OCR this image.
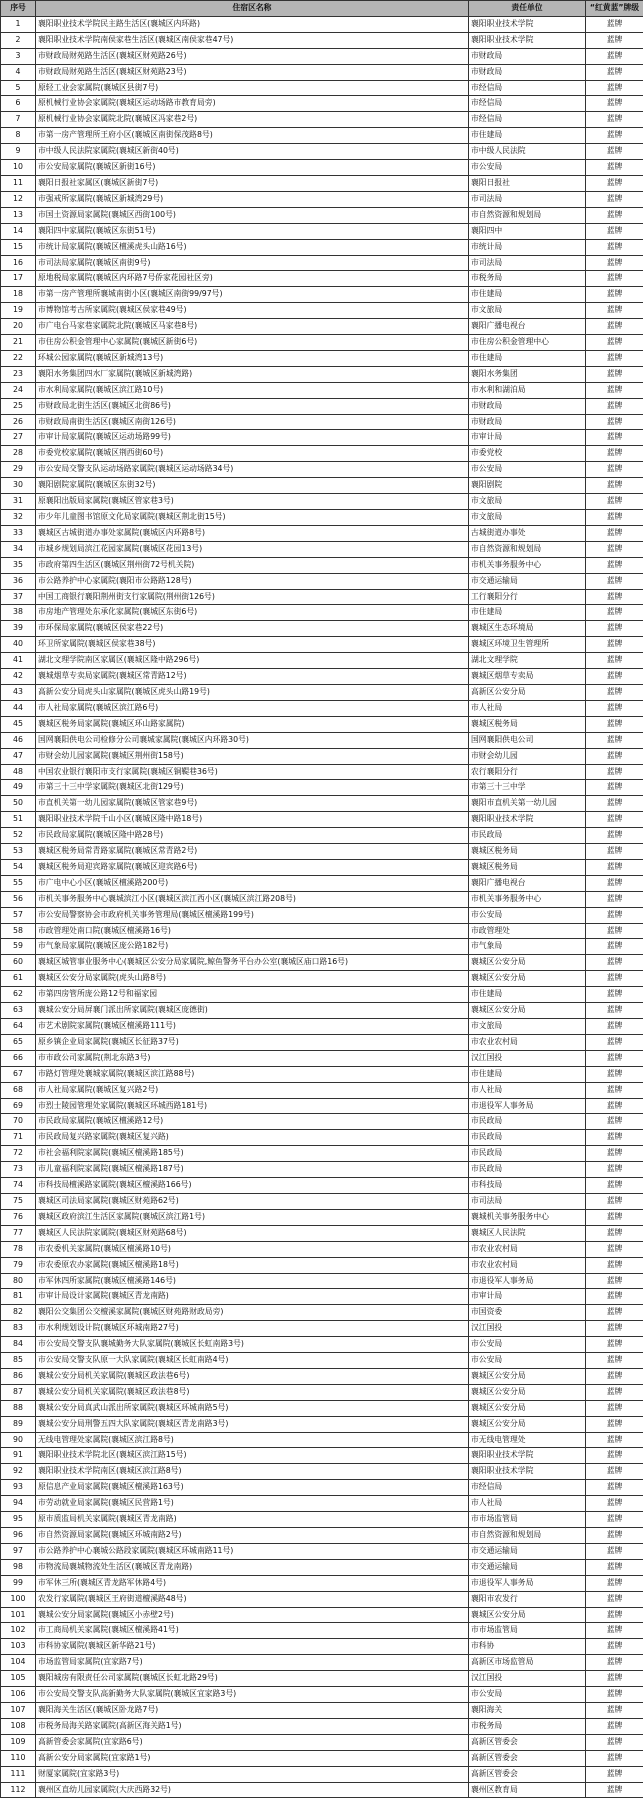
序号	住宿区名称	责任单位	“红黄蓝”牌级
1	襄阳职业技术学院民主路生活区(襄城区内环路)	襄阳职业技术学院	蓝牌
2	襄阳职业技术学院南侯家巷生活区(襄城区南侯家巷47号)	襄阳职业技术学院	蓝牌
3	市财政局财苑路生活区(襄城区财苑路26号)	市财政局	蓝牌
4	市财政局财苑路生活区(襄城区财苑路23号)	市财政局	蓝牌
5	原轻工业会家属院(襄城区县街7号)	市经信局	蓝牌
6	原机械行业协会家属院(襄城区运动场路市教育局旁)	市经信局	蓝牌
7	原机械行业协会家属院北院(襄城区冯家巷2号)	市经信局	蓝牌
8	市第一房产管理所王府小区(襄城区南街保茂路8号)	市住建局	蓝牌
9	市中级人民法院家属院(襄城区新街40号)	市中级人民法院	蓝牌
10	市公安局家属院(襄城区新街16号)	市公安局	蓝牌
11	襄阳日报社家属区(襄城区新街7号)	襄阳日报社	蓝牌
12	市强戒所家属院(襄城区新城湾29号)	市司法局	蓝牌
13	市国土资源局家属院(襄城区西街100号)	市自然资源和规划局	蓝牌
14	襄阳四中家属院(襄城区东街51号)	襄阳四中	蓝牌
15	市统计局家属院(襄城区檀溪虎头山路16号)	市统计局	蓝牌
16	市司法局家属院(襄城区南街9号)	市司法局	蓝牌
17	原地税局家属院(襄城区内环路7号侨家花园社区旁)	市税务局	蓝牌
18	市第一房产管理所襄城南街小区(襄城区南街99/97号)	市住建局	蓝牌
19	市博物馆考古所家属院(襄城区侯家巷49号)	市文旅局	蓝牌
20	市广电台马家巷家属院北院(襄城区马家巷8号)	襄阳广播电视台	蓝牌
21	市住房公积金管理中心家属院(襄城区新街6号)	市住房公积金管理中心	蓝牌
22	环城公园家属院(襄城区新城湾13号)	市住建局	蓝牌
23	襄阳水务集团四水厂家属院(襄城区新城湾路)	襄阳水务集团	蓝牌
24	市水利局家属院(襄城区滨江路10号)	市水利和湖泊局	蓝牌
25	市财政局北街生活区(襄城区北街86号)	市财政局	蓝牌
26	市财政局南街生活区(襄城区南街126号)	市财政局	蓝牌
27	市审计局家属院(襄城区运动场路99号)	市审计局	蓝牌
28	市委党校家属院(襄城区荆西街60号)	市委党校	蓝牌
29	市公安局交警支队运动场路家属院(襄城区运动场路34号)	市公安局	蓝牌
30	襄阳剧院家属院(襄城区东街32号)	襄阳剧院	蓝牌
31	原襄阳出版局家属院(襄城区管家巷3号)	市文旅局	蓝牌
32	市少年儿童图书馆原文化局家属院(襄城区荆北街15号)	市文旅局	蓝牌
33	襄城区古城街道办事处家属院(襄城区内环路8号)	古城街道办事处	蓝牌
34	市城乡规划局滨江花园家属院(襄城区花园13号)	市自然资源和规划局	蓝牌
35	市政府第四生活区(襄城区荆州街72号机关院)	市机关事务服务中心	蓝牌
36	市公路养护中心家属院(襄阳市公路路128号)	市交通运输局	蓝牌
37	中国工商银行襄阳荆州街支行家属院(荆州街126号)	工行襄阳分行	蓝牌
38	市房地产管理处东承化家属院(襄城区东街6号)	市住建局	蓝牌
39	市环保局家属院(襄城区侯家巷22号)	襄城区生态环境局	蓝牌
40	环卫所家属院(襄城区侯家巷38号)	襄城区环境卫生管理所	蓝牌
41	湖北文理学院南区家属区(襄城区隆中路296号)	湖北文理学院	蓝牌
42	襄城烟草专卖局家属院(襄城区常青路12号)	襄城区烟草专卖局	蓝牌
43	高新公安分局虎头山家属院(襄城区虎头山路19号)	高新区公安分局	蓝牌
44	市人社局家属院(襄城区滨江路6号)	市人社局	蓝牌
45	襄城区税务局家属院(襄城区环山路家属院)	襄城区税务局	蓝牌
46	国网襄阳供电公司检修分公司襄城家属院(襄城区内环路30号)	国网襄阳供电公司	蓝牌
47	市财会幼儿园家属院(襄城区荆州街158号)	市财会幼儿园	蓝牌
48	中国农业银行襄阳市支行家属院(襄城区铜鞮巷36号)	农行襄阳分行	蓝牌
49	市第三十三中学家属院(襄城区北街129号)	市第三十三中学	蓝牌
50	市直机关第一幼儿园家属院(襄城区管家巷9号)	襄阳市直机关第一幼儿园	蓝牌
51	襄阳职业技术学院千山小区(襄城区隆中路18号)	襄阳职业技术学院	蓝牌
52	市民政局家属院(襄城区隆中路28号)	市民政局	蓝牌
53	襄城区税务局常青路家属院(襄城区常青路2号)	襄城区税务局	蓝牌
54	襄城区税务局迎宾路家属院(襄城区迎宾路6号)	襄城区税务局	蓝牌
55	市广电中心小区(襄城区檀溪路200号)	襄阳广播电视台	蓝牌
56	市机关事务服务中心襄城滨江小区(襄城区滨江西小区(襄城区滨江路208号)	市机关事务服务中心	蓝牌
57	市公安局警察协会市政府机关事务管理局(襄城区檀溪路199号)	市公安局	蓝牌
58	市政管理处南口院(襄城区檀溪路16号)	市政管理处	蓝牌
59	市气象局家属院(襄城区庞公路182号)	市气象局	蓝牌
60	襄城区城管事业服务中心(襄城区公安分局家属院,鲸鱼警务平台办公室(襄城区庙口路16号)	襄城区公安分局	蓝牌
61	襄城区公安分局家属院(虎头山路8号)	襄城区公安分局	蓝牌
62	市第四房管所庞公路12号和福家园	市住建局	蓝牌
63	襄城公安分局屏襄门派出所家属院(襄城区庞德街)	襄城区公安分局	蓝牌
64	市艺术剧院家属院(襄城区檀溪路111号)	市文旅局	蓝牌
65	原乡镇企业局家属院(襄城区长征路37号)	市农业农村局	蓝牌
66	市市政公司家属院(荆北东路3号)	汉江国投	蓝牌
67	市路灯管理处襄城家属院(襄城区滨江路88号)	市住建局	蓝牌
68	市人社局家属院(襄城区复兴路2号)	市人社局	蓝牌
69	市烈士陵园管理处家属院(襄城区环城西路181号)	市退役军人事务局	蓝牌
70	市民政局家属院(襄城区檀溪路12号)	市民政局	蓝牌
71	市民政局复兴路家属院(襄城区复兴路)	市民政局	蓝牌
72	市社会福利院家属院(襄城区檀溪路185号)	市民政局	蓝牌
73	市儿童福利院家属院(襄城区檀溪路187号)	市民政局	蓝牌
74	市科技局檀溪路家属院(襄城区檀溪路166号)	市科技局	蓝牌
75	襄城区司法局家属院(襄城区财苑路62号)	市司法局	蓝牌
76	襄城区政府滨江生活区家属院(襄城区滨江路1号)	襄城机关事务服务中心	蓝牌
77	襄城区人民法院家属院(襄城区财苑路68号)	襄城区人民法院	蓝牌
78	市农委机关家属院(襄城区檀溪路10号)	市农业农村局	蓝牌
79	市农委原农办家属院(襄城区檀溪路18号)	市农业农村局	蓝牌
80	市军休四所家属院(襄城区檀溪路146号)	市退役军人事务局	蓝牌
81	市审计局设计家属院(襄城区青龙南路)	市审计局	蓝牌
82	襄阳公交集团公交檀溪家属院(襄城区财苑路财政局旁)	市国资委	蓝牌
83	市水利规划设计院(襄城区环城南路27号)	汉江国投	蓝牌
84	市公安局交警支队襄城勤务大队家属院(襄城区长虹南路3号)	市公安局	蓝牌
85	市公安局交警支队原一大队家属院(襄城区长虹南路4号)	市公安局	蓝牌
86	襄城公安分局机关家属院(襄城区政法巷6号)	襄城区公安分局	蓝牌
87	襄城公安分局机关家属院(襄城区政法巷8号)	襄城区公安分局	蓝牌
88	襄城公安分局真武山派出所家属院(襄城区环城南路5号)	襄城区公安分局	蓝牌
89	襄城公安分局刑警五四大队家属院(襄城区青龙南路3号)	襄城区公安分局	蓝牌
90	无线电管理处家属院(襄城区滨江路8号)	市无线电管理处	蓝牌
91	襄阳职业技术学院北区(襄城区滨江路15号)	襄阳职业技术学院	蓝牌
92	襄阳职业技术学院南区(襄城区滨江路8号)	襄阳职业技术学院	蓝牌
93	原信息产业局家属院(襄城区檀溪路163号)	市经信局	蓝牌
94	市劳动就业局家属院(襄城区民营路1号)	市人社局	蓝牌
95	原市质监局机关家属院(襄城区青龙南路)	市市场监管局	蓝牌
96	市自然资源局家属院(襄城区环城南路2号)	市自然资源和规划局	蓝牌
97	市公路养护中心襄城公路段家属院(襄城区环城南路11号)	市交通运输局	蓝牌
98	市物流局襄城物流处生活区(襄城区青龙南路)	市交通运输局	蓝牌
99	市军休三所(襄城区青龙路军休路4号)	市退役军人事务局	蓝牌
100	农发行家属院(襄城区王府街道檀溪路48号)	襄阳市农发行	蓝牌
101	襄城公安分局家属院(襄城区小赤壁2号)	襄城区公安分局	蓝牌
102	市工商局机关家属院(襄城区檀溪路41号)	市市场监管局	蓝牌
103	市科协家属院(襄城区新华路21号)	市科协	蓝牌
104	市场监管局家属院(宜家路7号)	高新区市场监管局	蓝牌
105	襄阳城房有限责任公司家属院(襄城区长虹北路29号)	汉江国投	蓝牌
106	市公安局交警支队高新勤务大队家属院(襄城区宜家路3号)	市公安局	蓝牌
107	襄阳海关生活区(襄城区卧龙路7号)	襄阳海关	蓝牌
108	市税务局海关路家属院(高新区海关路1号)	市税务局	蓝牌
109	高新管委会家属院(宜家路6号)	高新区管委会	蓝牌
110	高新公安分局家属院(宜家路1号)	高新区管委会	蓝牌
111	财厦家属院(宜家路3号)	高新区管委会	蓝牌
112	襄州区直幼儿园家属院(大庆西路32号)	襄州区教育局	蓝牌
